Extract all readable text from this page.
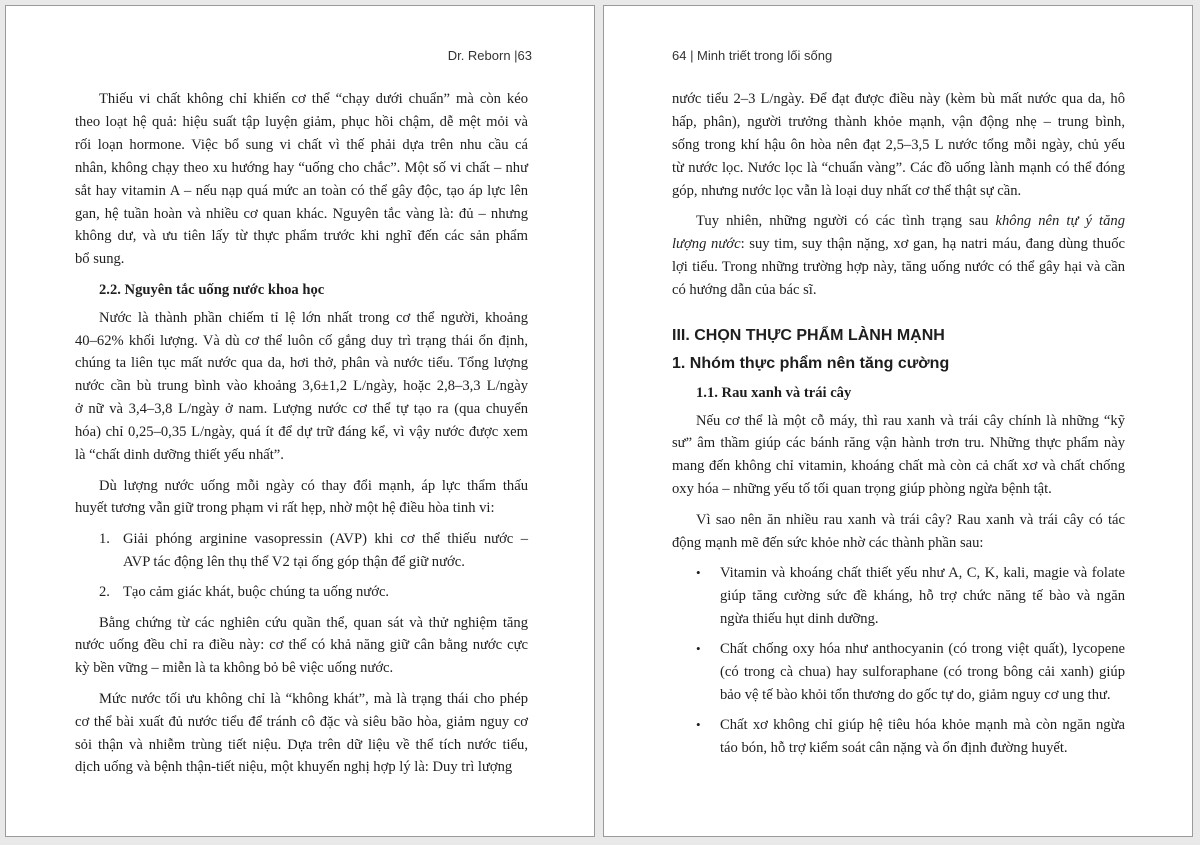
Dr. Reborn |63
Thiếu vi chất không chỉ khiến cơ thể “chạy dưới chuẩn” mà còn kéo
theo loạt hệ quả: hiệu suất tập luyện giảm, phục hồi chậm, dễ mệt mỏi và
rối loạn hormone. Việc bổ sung vi chất vì thế phải dựa trên nhu cầu cá
nhân, không chạy theo xu hướng hay “uống cho chắc”. Một số vi chất – như
sắt hay vitamin A – nếu nạp quá mức an toàn có thể gây độc, tạo áp lực lên
gan, hệ tuần hoàn và nhiều cơ quan khác. Nguyên tắc vàng là: đủ – nhưng
không dư, và ưu tiên lấy từ thực phẩm trước khi nghĩ đến các sản phẩm
bổ sung.
2.2. Nguyên tắc uống nước khoa học
Nước là thành phần chiếm tỉ lệ lớn nhất trong cơ thể người, khoảng
40–62% khối lượng. Và dù cơ thể luôn cố gắng duy trì trạng thái ổn định,
chúng ta liên tục mất nước qua da, hơi thở, phân và nước tiểu. Tổng lượng
nước cần bù trung bình vào khoảng 3,6±1,2 L/ngày, hoặc 2,8–3,3 L/ngày
ở nữ và 3,4–3,8 L/ngày ở nam. Lượng nước cơ thể tự tạo ra (qua chuyển
hóa) chỉ 0,25–0,35 L/ngày, quá ít để dự trữ đáng kể, vì vậy nước được xem
là “chất dinh dưỡng thiết yếu nhất”.
Dù lượng nước uống mỗi ngày có thay đổi mạnh, áp lực thẩm thấu
huyết tương vẫn giữ trong phạm vi rất hẹp, nhờ một hệ điều hòa tinh vi:
1. Giải phóng arginine vasopressin (AVP) khi cơ thể thiếu nước –
AVP tác động lên thụ thể V2 tại ống góp thận để giữ nước.
2. Tạo cảm giác khát, buộc chúng ta uống nước.
Bằng chứng từ các nghiên cứu quần thể, quan sát và thử nghiệm tăng
nước uống đều chỉ ra điều này: cơ thể có khả năng giữ cân bằng nước cực
kỳ bền vững – miễn là ta không bỏ bê việc uống nước.
Mức nước tối ưu không chỉ là “không khát”, mà là trạng thái cho phép
cơ thể bài xuất đủ nước tiểu để tránh cô đặc và siêu bão hòa, giảm nguy cơ
sỏi thận và nhiễm trùng tiết niệu. Dựa trên dữ liệu về thể tích nước tiểu,
dịch uống và bệnh thận-tiết niệu, một khuyến nghị hợp lý là: Duy trì lượng
64 | Minh triết trong lối sống
nước tiểu 2–3 L/ngày. Để đạt được điều này (kèm bù mất nước qua da, hô
hấp, phân), người trưởng thành khỏe mạnh, vận động nhẹ – trung bình,
sống trong khí hậu ôn hòa nên đạt 2,5–3,5 L nước tổng mỗi ngày, chủ yếu
từ nước lọc. Nước lọc là “chuẩn vàng”. Các đồ uống lành mạnh có thể đóng
góp, nhưng nước lọc vẫn là loại duy nhất cơ thể thật sự cần.
Tuy nhiên, những người có các tình trạng sau không nên tự ý tăng
lượng nước: suy tim, suy thận nặng, xơ gan, hạ natri máu, đang dùng thuốc
lợi tiểu. Trong những trường hợp này, tăng uống nước có thể gây hại và cần
có hướng dẫn của bác sĩ.
III. CHỌN THỰC PHẨM LÀNH MẠNH
1. Nhóm thực phẩm nên tăng cường
1.1. Rau xanh và trái cây
Nếu cơ thể là một cỗ máy, thì rau xanh và trái cây chính là những “kỹ
sư” âm thầm giúp các bánh răng vận hành trơn tru. Những thực phẩm này
mang đến không chỉ vitamin, khoáng chất mà còn cả chất xơ và chất chống
oxy hóa – những yếu tố tối quan trọng giúp phòng ngừa bệnh tật.
Vì sao nên ăn nhiều rau xanh và trái cây? Rau xanh và trái cây có tác
động mạnh mẽ đến sức khỏe nhờ các thành phần sau:
• Vitamin và khoáng chất thiết yếu như A, C, K, kali, magie và folate
giúp tăng cường sức đề kháng, hỗ trợ chức năng tế bào và ngăn
ngừa thiếu hụt dinh dưỡng.
• Chất chống oxy hóa như anthocyanin (có trong việt quất), lycopene
(có trong cà chua) hay sulforaphane (có trong bông cải xanh) giúp
bảo vệ tế bào khỏi tổn thương do gốc tự do, giảm nguy cơ ung thư.
• Chất xơ không chỉ giúp hệ tiêu hóa khỏe mạnh mà còn ngăn ngừa
táo bón, hỗ trợ kiểm soát cân nặng và ổn định đường huyết.
